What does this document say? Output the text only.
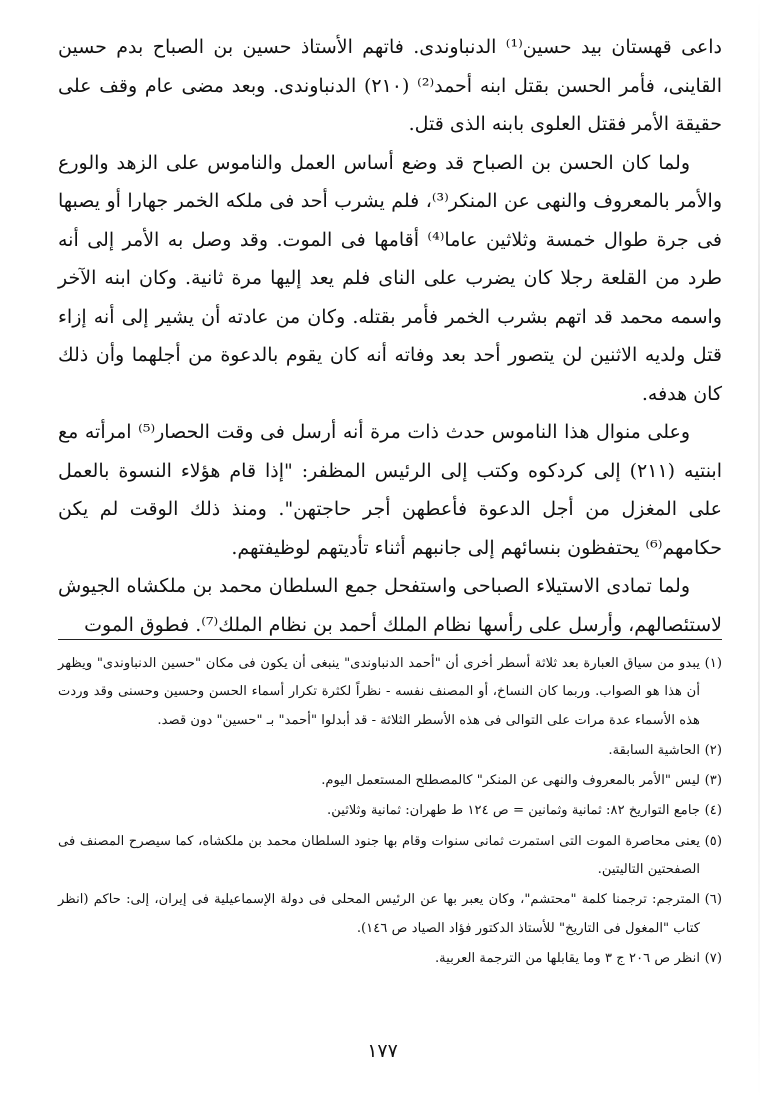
داعى قهستان بيد حسين⁽¹⁾ الدنباوندى. فاتهم الأستاذ حسين بن الصباح بدم حسين القاينى، فأمر الحسن بقتل ابنه أحمد⁽²⁾ (٢١٠) الدنباوندى. وبعد مضى عام وقف على حقيقة الأمر فقتل العلوى بابنه الذى قتل.

ولما كان الحسن بن الصباح قد وضع أساس العمل والناموس على الزهد والورع والأمر بالمعروف والنهى عن المنكر⁽³⁾، فلم يشرب أحد فى ملكه الخمر جهارا أو يصبها فى جرة طوال خمسة وثلاثين عاما⁽⁴⁾ أقامها فى الموت. وقد وصل به الأمر إلى أنه طرد من القلعة رجلا كان يضرب على الناى فلم يعد إليها مرة ثانية. وكان ابنه الآخر واسمه محمد قد اتهم بشرب الخمر فأمر بقتله. وكان من عادته أن يشير إلى أنه إزاء قتل ولديه الاثنين لن يتصور أحد بعد وفاته أنه كان يقوم بالدعوة من أجلهما وأن ذلك كان هدفه.

وعلى منوال هذا الناموس حدث ذات مرة أنه أرسل فى وقت الحصار⁽⁵⁾ امرأته مع ابنتيه (٢١١) إلى كردكوه وكتب إلى الرئيس المظفر: "إذا قام هؤلاء النسوة بالعمل على المغزل من أجل الدعوة فأعطهن أجر حاجتهن". ومنذ ذلك الوقت لم يكن حكامهم⁽⁶⁾ يحتفظون بنسائهم إلى جانبهم أثناء تأديتهم لوظيفتهم.

ولما تمادى الاستيلاء الصباحى واستفحل جمع السلطان محمد بن ملكشاه الجيوش لاستئصالهم، وأرسل على رأسها نظام الملك أحمد بن نظام الملك⁽⁷⁾. فطوق الموت

(١)
يبدو من سياق العبارة بعد ثلاثة أسطر أخرى أن "أحمد الدنباوندى" ينبغى أن يكون فى مكان "حسين الدنباوندى" ويظهر أن هذا هو الصواب. وربما كان النساخ، أو المصنف نفسه - نظراً لكثرة تكرار أسماء الحسن وحسين وحسنى وقد وردت هذه الأسماء عدة مرات على التوالى فى هذه الأسطر الثلاثة - قد أبدلوا "أحمد" بـ "حسين" دون قصد.

(٢)
الحاشية السابقة.

(٣)
ليس "الأمر بالمعروف والنهى عن المنكر" كالمصطلح المستعمل اليوم.

(٤)
جامع التواريخ ٨٢: ثمانية وثمانين = ص ١٢٤ ط طهران: ثمانية وثلاثين.

(٥)
يعنى محاصرة الموت التى استمرت ثمانى سنوات وقام بها جنود السلطان محمد بن ملكشاه، كما سيصرح المصنف فى الصفحتين التاليتين.

(٦)
المترجم: ترجمنا كلمة "محتشم"، وكان يعبر بها عن الرئيس المحلى فى دولة الإسماعيلية فى إيران، إلى: حاكم (انظر كتاب "المغول فى التاريخ" للأستاذ الدكتور فؤاد الصياد ص ١٤٦).

(٧)
انظر ص ٢٠٦ ج ٣ وما يقابلها من الترجمة العربية.

١٧٧
